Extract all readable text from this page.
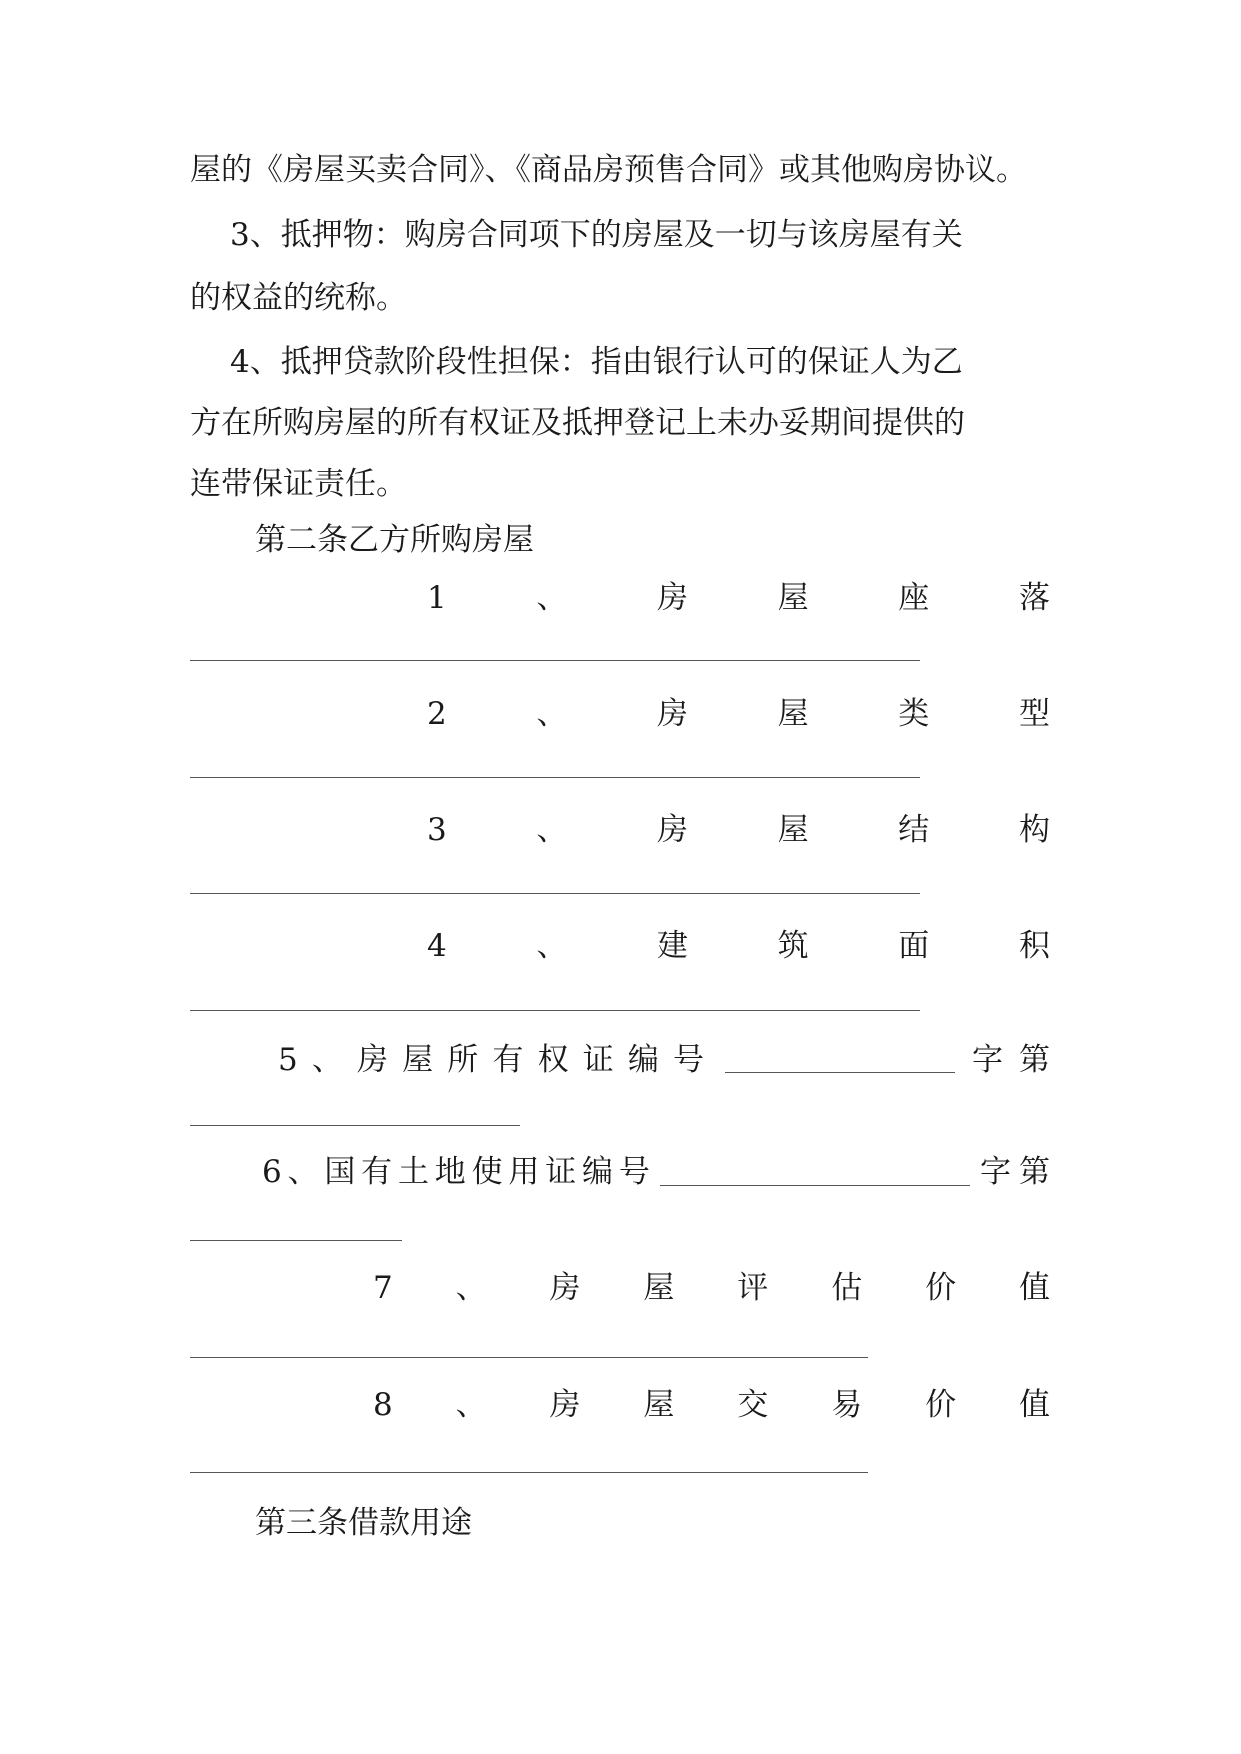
屋的《房屋买卖合同》、《商品房预售合同》或其他购房协议。
3、抵押物：购房合同项下的房屋及一切与该房屋有关
的权益的统称。
4、抵押贷款阶段性担保：指由银行认可的保证人为乙
方在所购房屋的所有权证及抵押登记上未办妥期间提供的
连带保证责任。
第二条乙方所购房屋
1	、	房	屋	座	落
2	、	房	屋	类	型
3	、	房	屋	结	构
4	、	建	筑	面	积
5 、 房 屋 所 有 权 证 编 号	字 第
6 、 国 有 土 地 使 用 证 编 号	字 第
7 、 房 屋 评 估 价 值
8 、 房 屋 交 易 价 值
第三条借款用途
